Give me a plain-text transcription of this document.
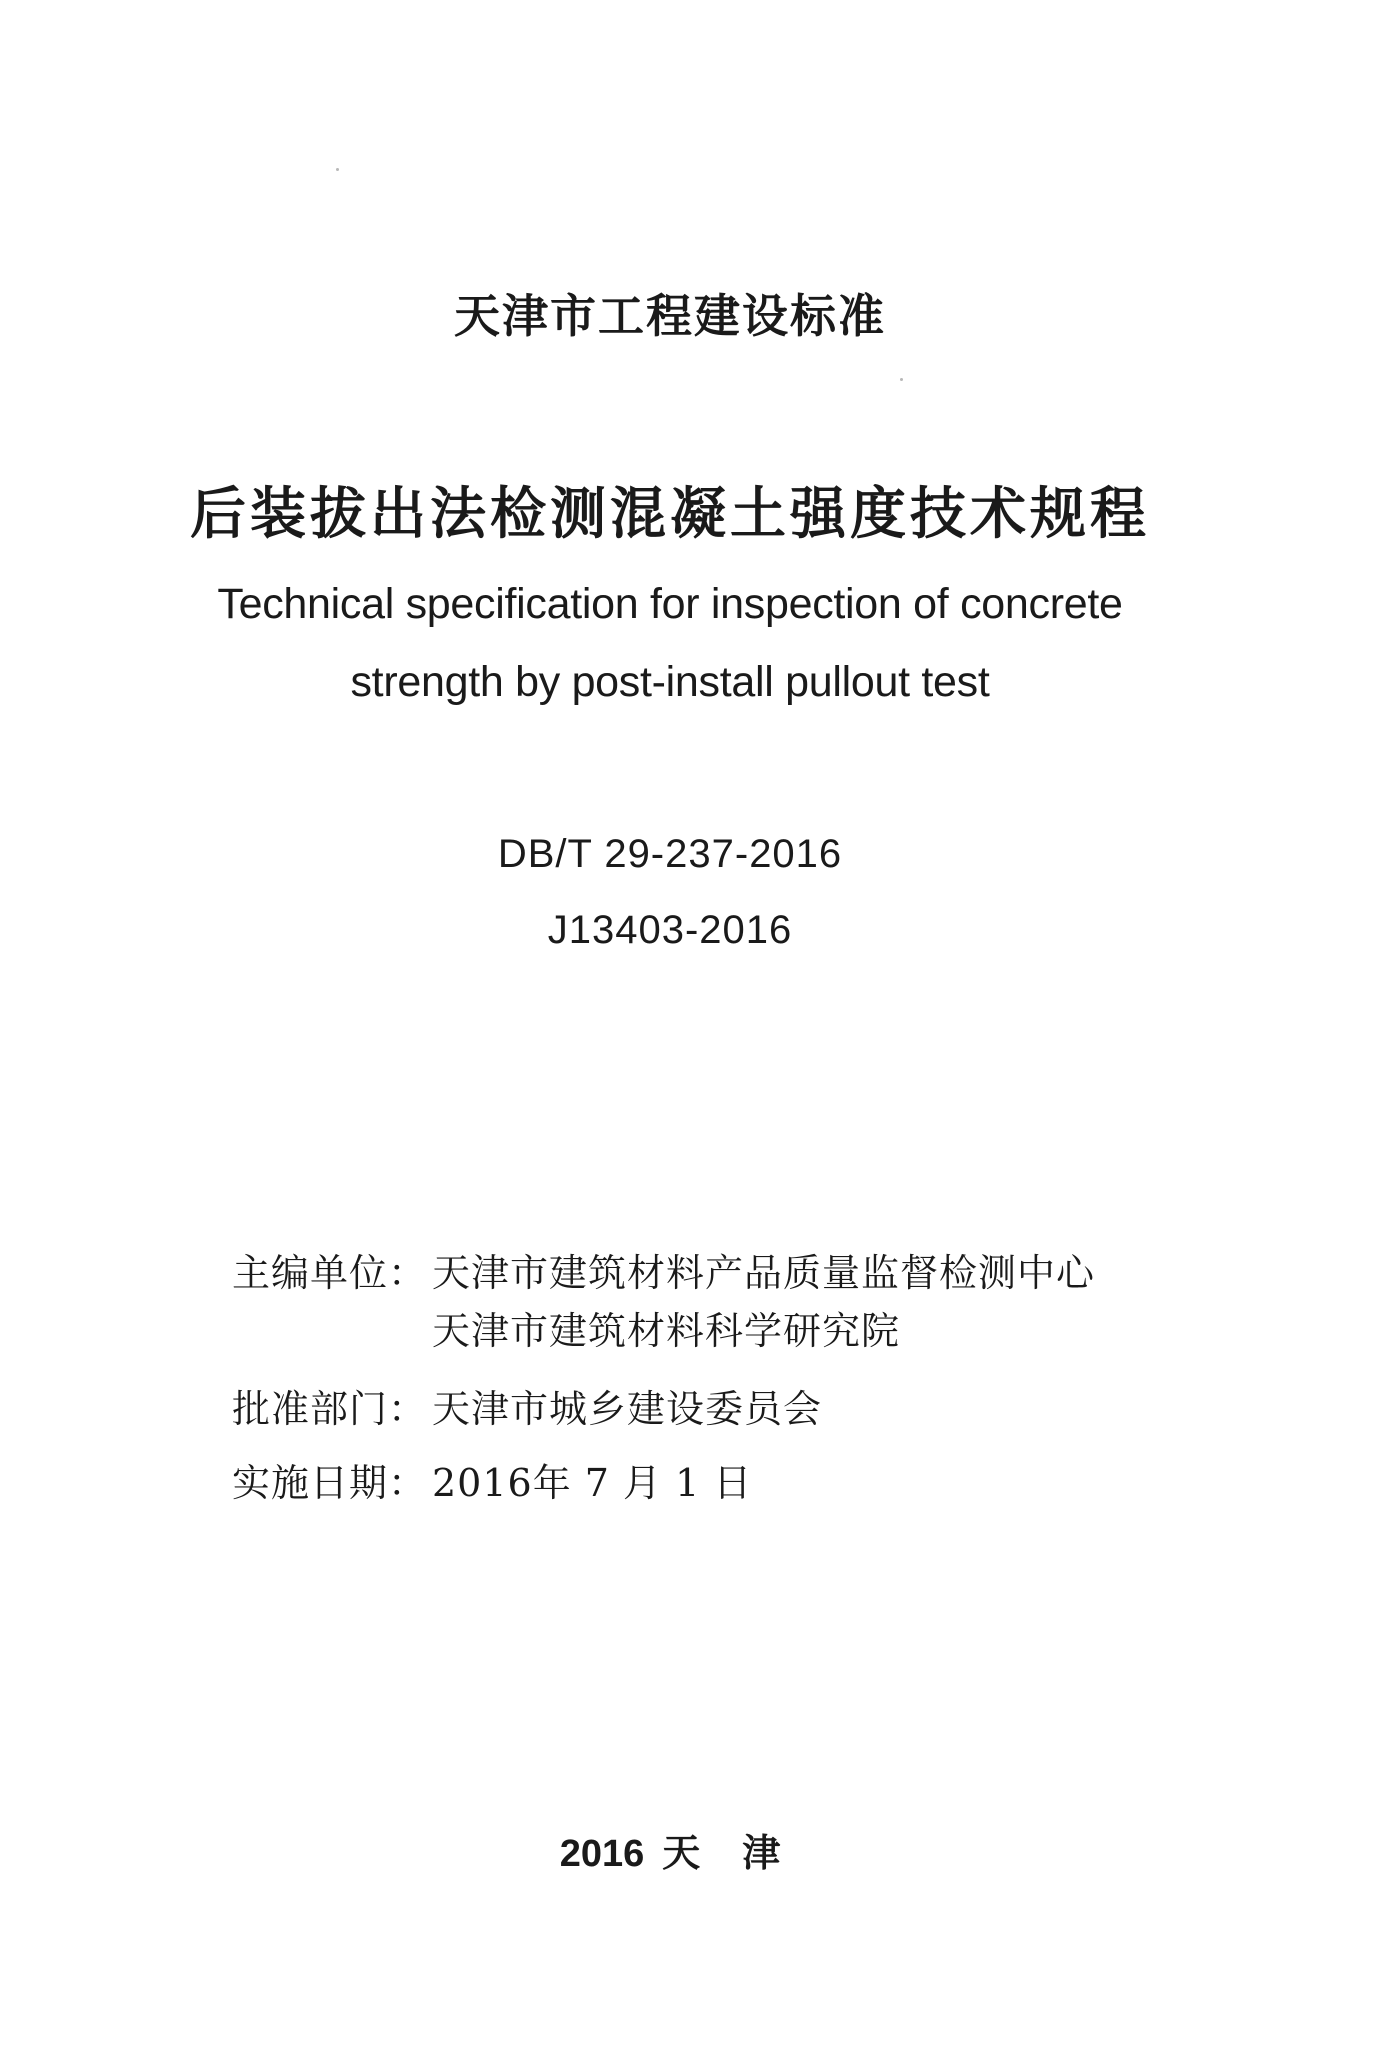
天津市工程建设标准
后装拔出法检测混凝土强度技术规程
Technical specification for inspection of concrete
strength by post-install pullout test
DB/T 29-237-2016
J13403-2016
主编单位： 天津市建筑材料产品质量监督检测中心
天津市建筑材料科学研究院
批准部门： 天津市城乡建设委员会
实施日期： 2016年 7 月 1 日
2016 天 津
